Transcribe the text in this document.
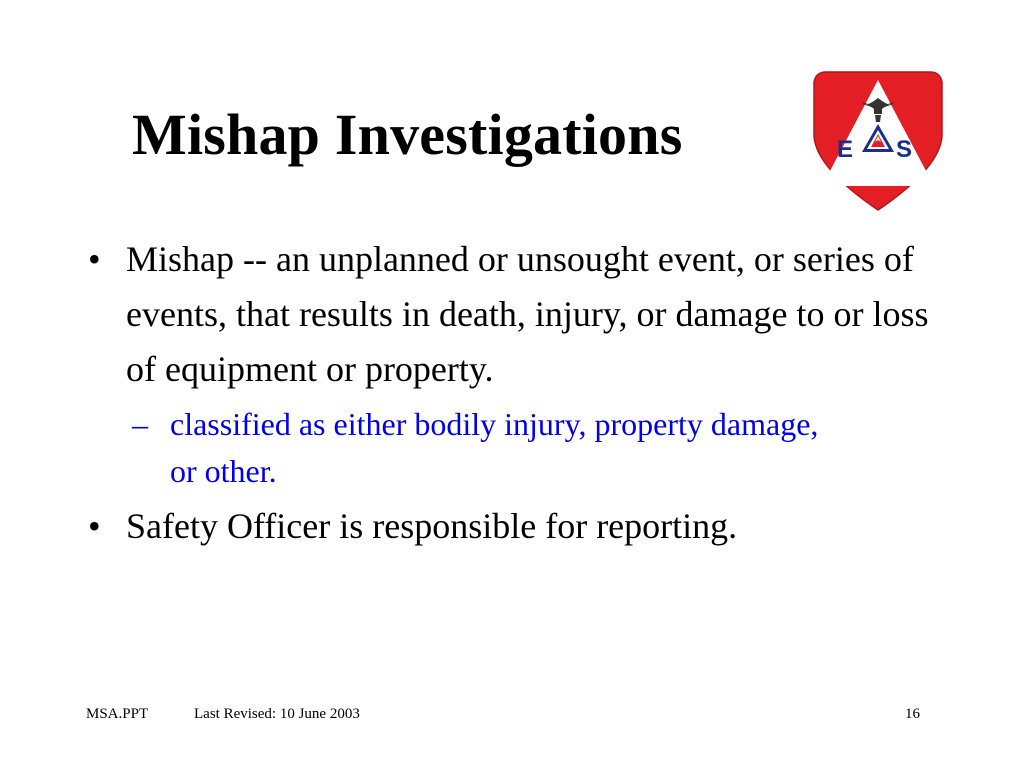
Mishap Investigations	E S
• Mishap -- an unplanned or unsought event, or series of events, that results in death, injury, or damage to or loss of equipment or property.
– classified as either bodily injury, property damage, or other.
• Safety Officer is responsible for reporting.
MSA.PPT	Last Revised: 10 June 2003	16
